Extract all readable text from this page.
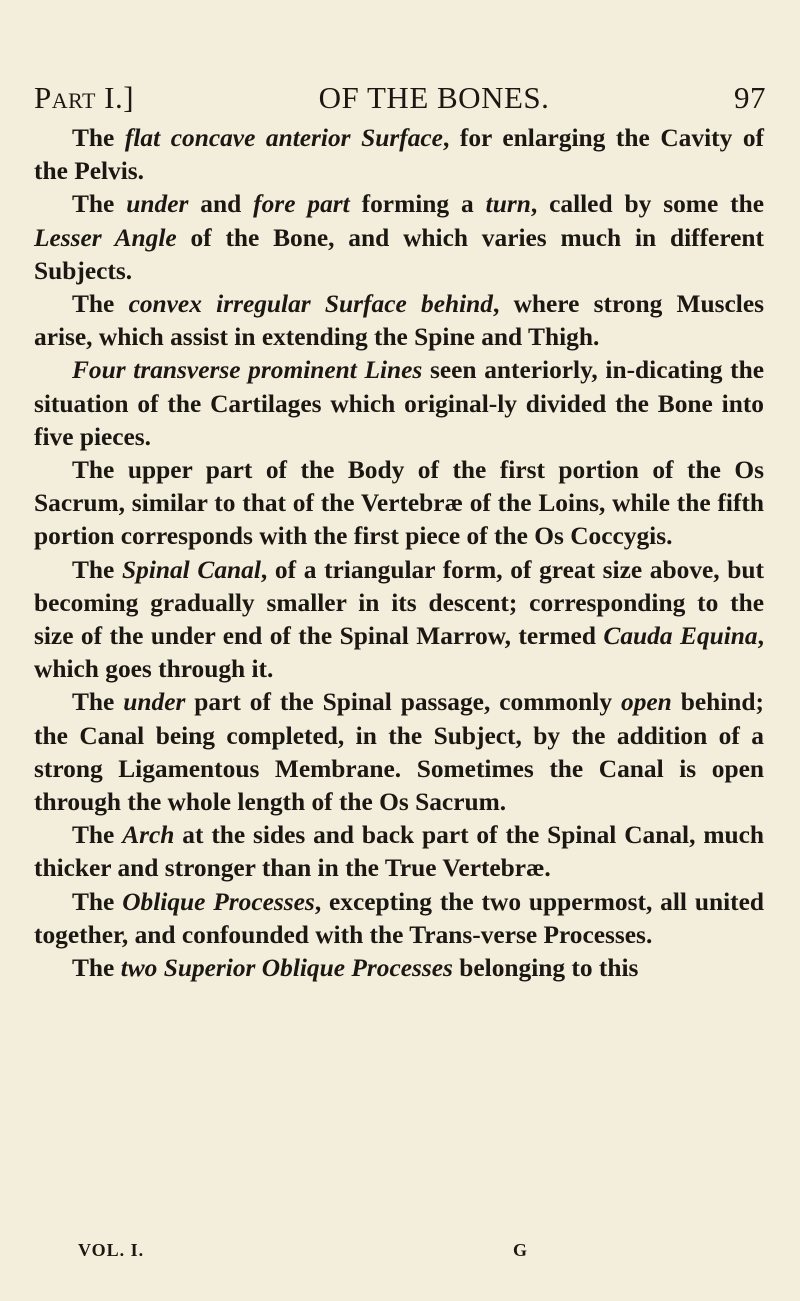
Part I.]	OF THE BONES.	97

The flat concave anterior Surface, for enlarging the Cavity of the Pelvis.

The under and fore part forming a turn, called by some the Lesser Angle of the Bone, and which varies much in different Subjects.

The convex irregular Surface behind, where strong Muscles arise, which assist in extending the Spine and Thigh.

Four transverse prominent Lines seen anteriorly, in-dicating the situation of the Cartilages which original-ly divided the Bone into five pieces.

The upper part of the Body of the first portion of the Os Sacrum, similar to that of the Vertebræ of the Loins, while the fifth portion corresponds with the first piece of the Os Coccygis.

The Spinal Canal, of a triangular form, of great size above, but becoming gradually smaller in its descent; corresponding to the size of the under end of the Spinal Marrow, termed Cauda Equina, which goes through it.

The under part of the Spinal passage, commonly open behind; the Canal being completed, in the Subject, by the addition of a strong Ligamentous Membrane. Sometimes the Canal is open through the whole length of the Os Sacrum.

The Arch at the sides and back part of the Spinal Canal, much thicker and stronger than in the True Vertebræ.

The Oblique Processes, excepting the two uppermost, all united together, and confounded with the Trans-verse Processes.

The two Superior Oblique Processes belonging to this

VOL. I.	G
